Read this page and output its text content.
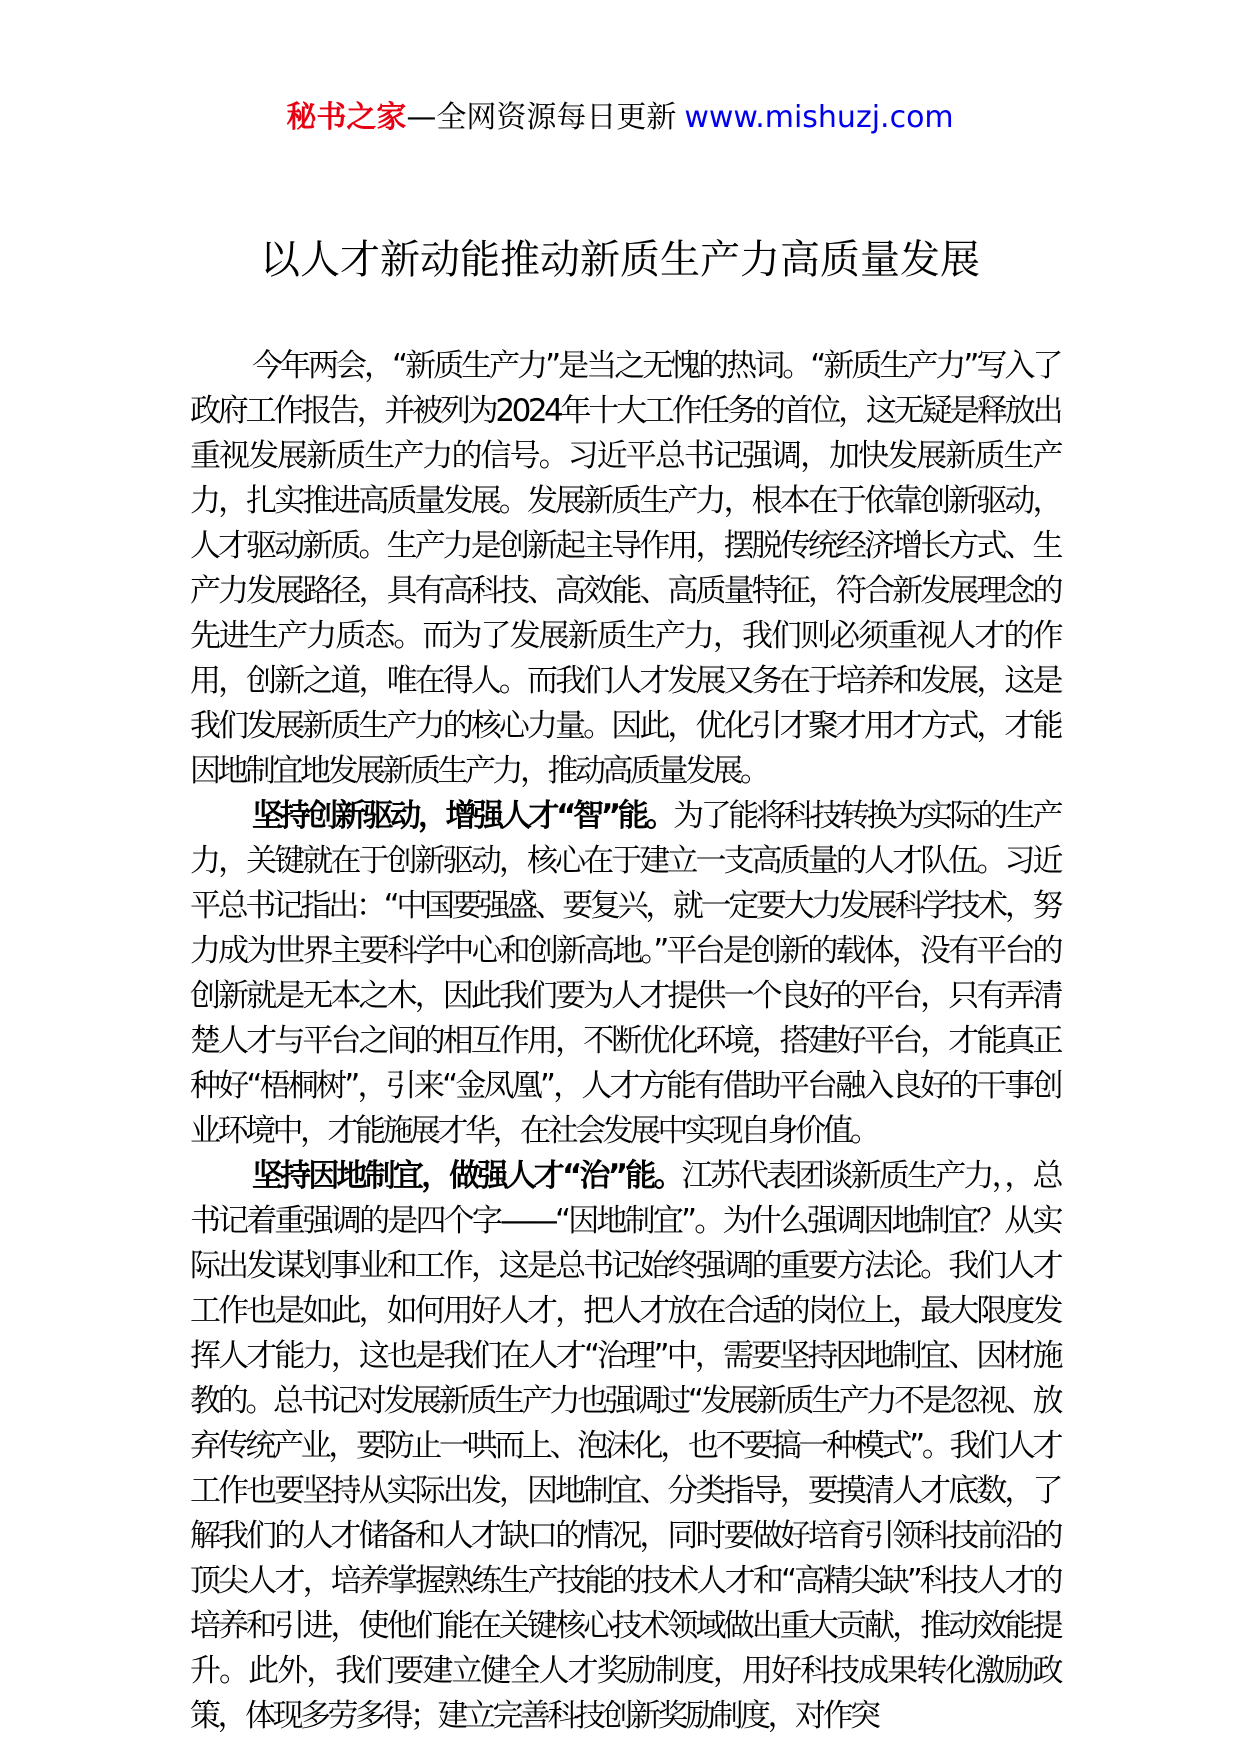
秘书之家—全网资源每日更新 www.mishuzj.com
以人才新动能推动新质生产力高质量发展

今年两会，“新质生产力”是当之无愧的热词。“新质生产力”写入了政府工作报告，并被列为2024年十大工作任务的首位，这无疑是释放出重视发展新质生产力的信号。习近平总书记强调，加快发展新质生产力，扎实推进高质量发展。发展新质生产力，根本在于依靠创新驱动，人才驱动新质。生产力是创新起主导作用，摆脱传统经济增长方式、生产力发展路径，具有高科技、高效能、高质量特征，符合新发展理念的先进生产力质态。而为了发展新质生产力，我们则必须重视人才的作用，创新之道，唯在得人。而我们人才发展又务在于培养和发展，这是我们发展新质生产力的核心力量。因此，优化引才聚才用才方式，才能因地制宜地发展新质生产力，推动高质量发展。

坚持创新驱动，增强人才“智”能。为了能将科技转换为实际的生产力，关键就在于创新驱动，核心在于建立一支高质量的人才队伍。习近平总书记指出：“中国要强盛、要复兴，就一定要大力发展科学技术，努力成为世界主要科学中心和创新高地。”平台是创新的载体，没有平台的创新就是无本之木，因此我们要为人才提供一个良好的平台，只有弄清楚人才与平台之间的相互作用，不断优化环境，搭建好平台，才能真正种好“梧桐树”，引来“金凤凰”，人才方能有借助平台融入良好的干事创业环境中，才能施展才华，在社会发展中实现自身价值。

坚持因地制宜，做强人才“治”能。江苏代表团谈新质生产力，，总书记着重强调的是四个字——“因地制宜”。为什么强调因地制宜？从实际出发谋划事业和工作，这是总书记始终强调的重要方法论。我们人才工作也是如此，如何用好人才，把人才放在合适的岗位上，最大限度发挥人才能力，这也是我们在人才“治理”中，需要坚持因地制宜、因材施教的。总书记对发展新质生产力也强调过“发展新质生产力不是忽视、放弃传统产业，要防止一哄而上、泡沫化，也不要搞一种模式”。我们人才工作也要坚持从实际出发，因地制宜、分类指导，要摸清人才底数，了解我们的人才储备和人才缺口的情况，同时要做好培育引领科技前沿的顶尖人才，培养掌握熟练生产技能的技术人才和“高精尖缺”科技人才的培养和引进，使他们能在关键核心技术领域做出重大贡献，推动效能提升。此外，我们要建立健全人才奖励制度，用好科技成果转化激励政策，体现多劳多得；建立完善科技创新奖励制度，对作突
